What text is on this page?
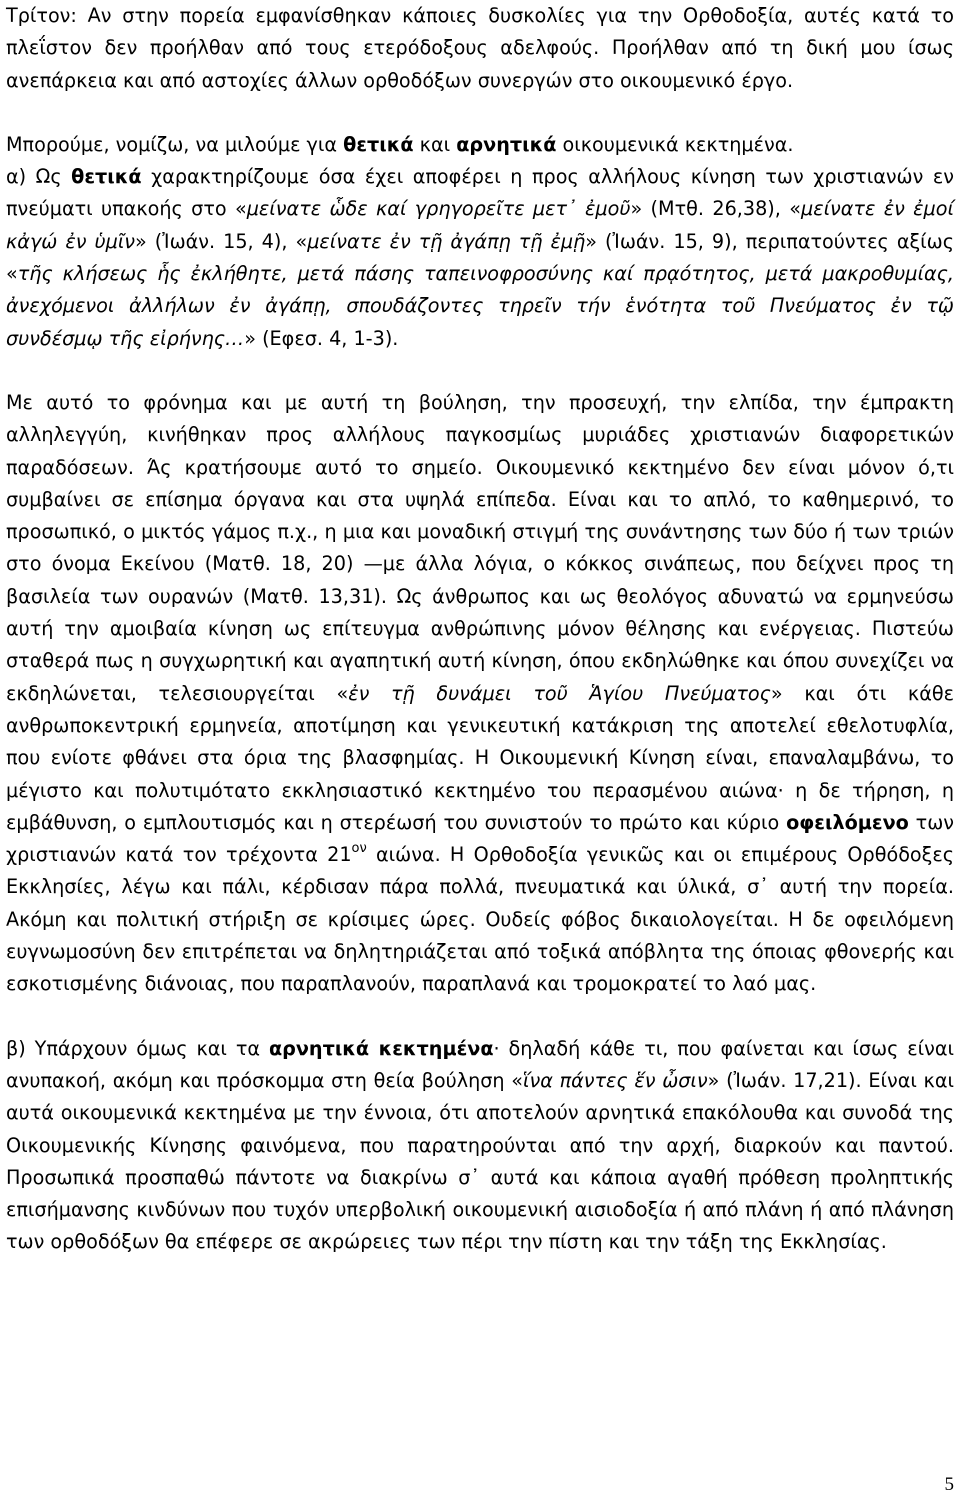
Τρίτον: Αν στην πορεία εμφανίσθηκαν κάποιες δυσκολίες για την Ορθοδοξία, αυτές κατά το πλεΐστον δεν προήλθαν από τους ετερόδοξους αδελφούς. Προήλθαν από τη δική μου ίσως ανεπάρκεια και από αστοχίες άλλων ορθοδόξων συνεργών στο οικουμενικό έργο.

Μπορούμε, νομίζω, να μιλούμε για θετικά και αρνητικά οικουμενικά κεκτημένα.

α) Ως θετικά χαρακτηρίζουμε όσα έχει αποφέρει η προς αλλήλους κίνηση των χριστιανών εν πνεύματι υπακοής στο «μείνατε ὧδε καί γρηγορεῖτε μετ᾽ ἐμοῦ» (Μτθ. 26,38), «μείνατε ἐν ἐμοί κἀγώ ἐν ὑμῖν» (Ἰωάν. 15, 4), «μείνατε ἐν τῇ ἀγάπῃ τῇ ἐμῇ» (Ἰωάν. 15, 9), περιπατούντες αξίως «τῆς κλήσεως ἧς ἐκλήθητε, μετά πάσης ταπεινοφροσύνης καί πρᾳότητος, μετά μακροθυμίας, ἀνεχόμενοι ἀλλήλων ἐν ἀγάπῃ, σπουδάζοντες τηρεῖν τήν ἑνότητα τοῦ Πνεύματος ἐν τῷ συνδέσμῳ τῆς εἰρήνης…» (Εφεσ. 4, 1-3).

Με αυτό το φρόνημα και με αυτή τη βούληση, την προσευχή, την ελπίδα, την έμπρακτη αλληλεγγύη, κινήθηκαν προς αλλήλους παγκοσμίως μυριάδες χριστιανών διαφορετικών παραδόσεων. Άς κρατήσουμε αυτό το σημείο. Οικουμενικό κεκτημένο δεν είναι μόνον ό,τι συμβαίνει σε επίσημα όργανα και στα υψηλά επίπεδα. Είναι και το απλό, το καθημερινό, το προσωπικό, ο μικτός γάμος π.χ., η μια και μοναδική στιγμή της συνάντησης των δύο ή των τριών στο όνομα Εκείνου (Ματθ. 18, 20) —με άλλα λόγια, ο κόκκος σινάπεως, που δείχνει προς τη βασιλεία των ουρανών (Ματθ. 13,31). Ως άνθρωπος και ως θεολόγος αδυνατώ να ερμηνεύσω αυτή την αμοιβαία κίνηση ως επίτευγμα ανθρώπινης μόνον θέλησης και ενέργειας. Πιστεύω σταθερά πως η συγχωρητική και αγαπητική αυτή κίνηση, όπου εκδηλώθηκε και όπου συνεχίζει να εκδηλώνεται, τελεσιουργείται «ἐν τῇ δυνάμει τοῦ Ἁγίου Πνεύματος» και ότι κάθε ανθρωποκεντρική ερμηνεία, αποτίμηση και γενικευτική κατάκριση της αποτελεί εθελοτυφλία, που ενίοτε φθάνει στα όρια της βλασφημίας. Η Οικουμενική Κίνηση είναι, επαναλαμβάνω, το μέγιστο και πολυτιμότατο εκκλησιαστικό κεκτημένο του περασμένου αιώνα· η δε τήρηση, η εμβάθυνση, ο εμπλουτισμός και η στερέωσή του συνιστούν το πρώτο και κύριο οφειλόμενο των χριστιανών κατά τον τρέχοντα $21^{o\nu}$ αιώνα. Η Ορθοδοξία γενικῶς και οι επιμέρους Ορθόδοξες Εκκλησίες, λέγω και πάλι, κέρδισαν πάρα πολλά, πνευματικά και ύλικά, σ᾽ αυτή την πορεία. Ακόμη και πολιτική στήριξη σε κρίσιμες ώρες. Ουδείς φόβος δικαιολογείται. Η δε οφειλόμενη ευγνωμοσύνη δεν επιτρέπεται να δηλητηριάζεται από τοξικά απόβλητα της όποιας φθονερής και εσκοτισμένης διάνοιας, που παραπλανούν, παραπλανά και τρομοκρατεί το λαό μας.

β) Υπάρχουν όμως και τα αρνητικά κεκτημένα· δηλαδή κάθε τι, που φαίνεται και ίσως είναι ανυπακοή, ακόμη και πρόσκομμα στη θεία βούληση «ἵνα πάντες ἕν ὦσιν» (Ἰωάν. 17,21). Είναι και αυτά οικουμενικά κεκτημένα με την έννοια, ότι αποτελούν αρνητικά επακόλουθα και συνοδά της Οικουμενικής Κίνησης φαινόμενα, που παρατηρούνται από την αρχή, διαρκούν και παντού. Προσωπικά προσπαθώ πάντοτε να διακρίνω σ᾽ αυτά και κάποια αγαθή πρόθεση προληπτικής επισήμανσης κινδύνων που τυχόν υπερβολική οικουμενική αισιοδοξία ή από πλάνη ή από πλάνηση των ορθοδόξων θα επέφερε σε ακρώρειες των πέρι την πίστη και την τάξη της Εκκλησίας.

5
